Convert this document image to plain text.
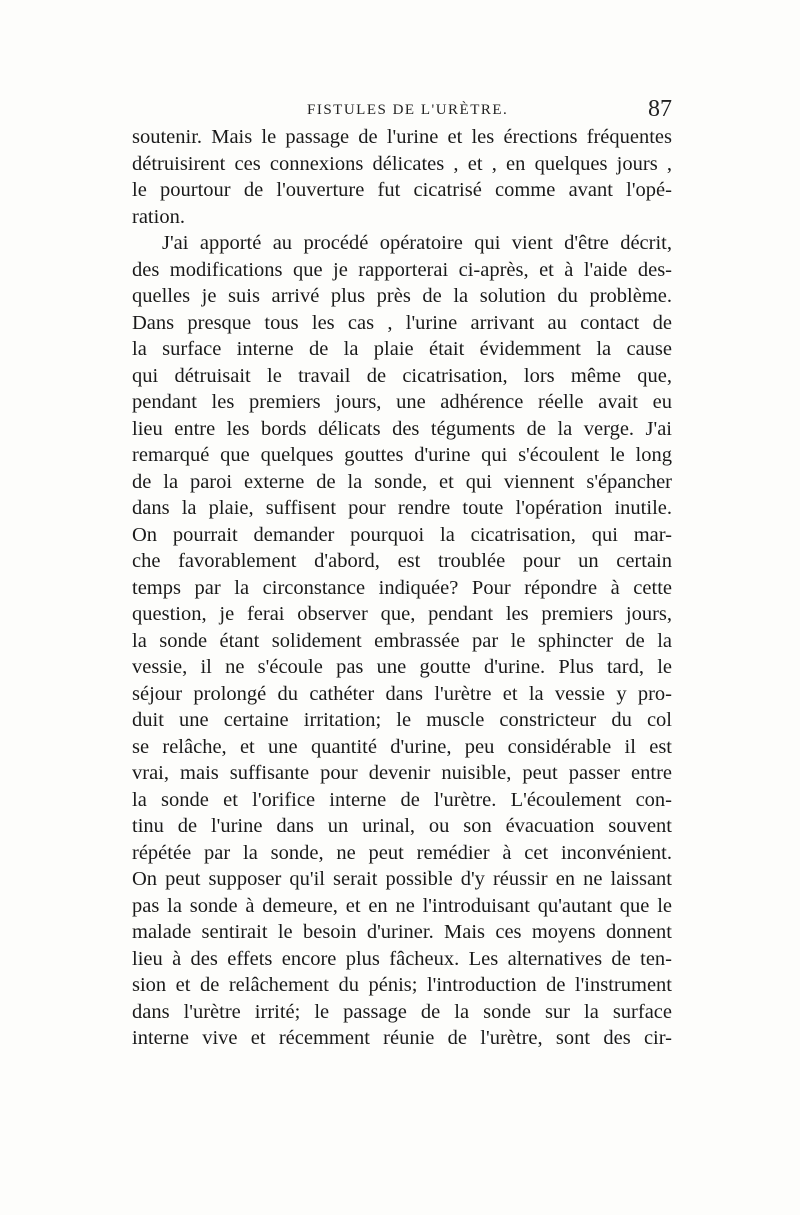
FISTULES DE L'URÈTRE.	87
soutenir. Mais le passage de l'urine et les érections fréquentes
détruisirent ces connexions délicates , et , en quelques jours ,
le pourtour de l'ouverture fut cicatrisé comme avant l'opé-
ration.
J'ai apporté au procédé opératoire qui vient d'être décrit,
des modifications que je rapporterai ci-après, et à l'aide des-
quelles je suis arrivé plus près de la solution du problème.
Dans presque tous les cas , l'urine arrivant au contact de
la surface interne de la plaie était évidemment la cause
qui détruisait le travail de cicatrisation, lors même que,
pendant les premiers jours, une adhérence réelle avait eu
lieu entre les bords délicats des téguments de la verge. J'ai
remarqué que quelques gouttes d'urine qui s'écoulent le long
de la paroi externe de la sonde, et qui viennent s'épancher
dans la plaie, suffisent pour rendre toute l'opération inutile.
On pourrait demander pourquoi la cicatrisation, qui mar-
che favorablement d'abord, est troublée pour un certain
temps par la circonstance indiquée? Pour répondre à cette
question, je ferai observer que, pendant les premiers jours,
la sonde étant solidement embrassée par le sphincter de la
vessie, il ne s'écoule pas une goutte d'urine. Plus tard, le
séjour prolongé du cathéter dans l'urètre et la vessie y pro-
duit une certaine irritation; le muscle constricteur du col
se relâche, et une quantité d'urine, peu considérable il est
vrai, mais suffisante pour devenir nuisible, peut passer entre
la sonde et l'orifice interne de l'urètre. L'écoulement con-
tinu de l'urine dans un urinal, ou son évacuation souvent
répétée par la sonde, ne peut remédier à cet inconvénient.
On peut supposer qu'il serait possible d'y réussir en ne laissant
pas la sonde à demeure, et en ne l'introduisant qu'autant que le
malade sentirait le besoin d'uriner. Mais ces moyens donnent
lieu à des effets encore plus fâcheux. Les alternatives de ten-
sion et de relâchement du pénis; l'introduction de l'instrument
dans l'urètre irrité; le passage de la sonde sur la surface
interne vive et récemment réunie de l'urètre, sont des cir-
